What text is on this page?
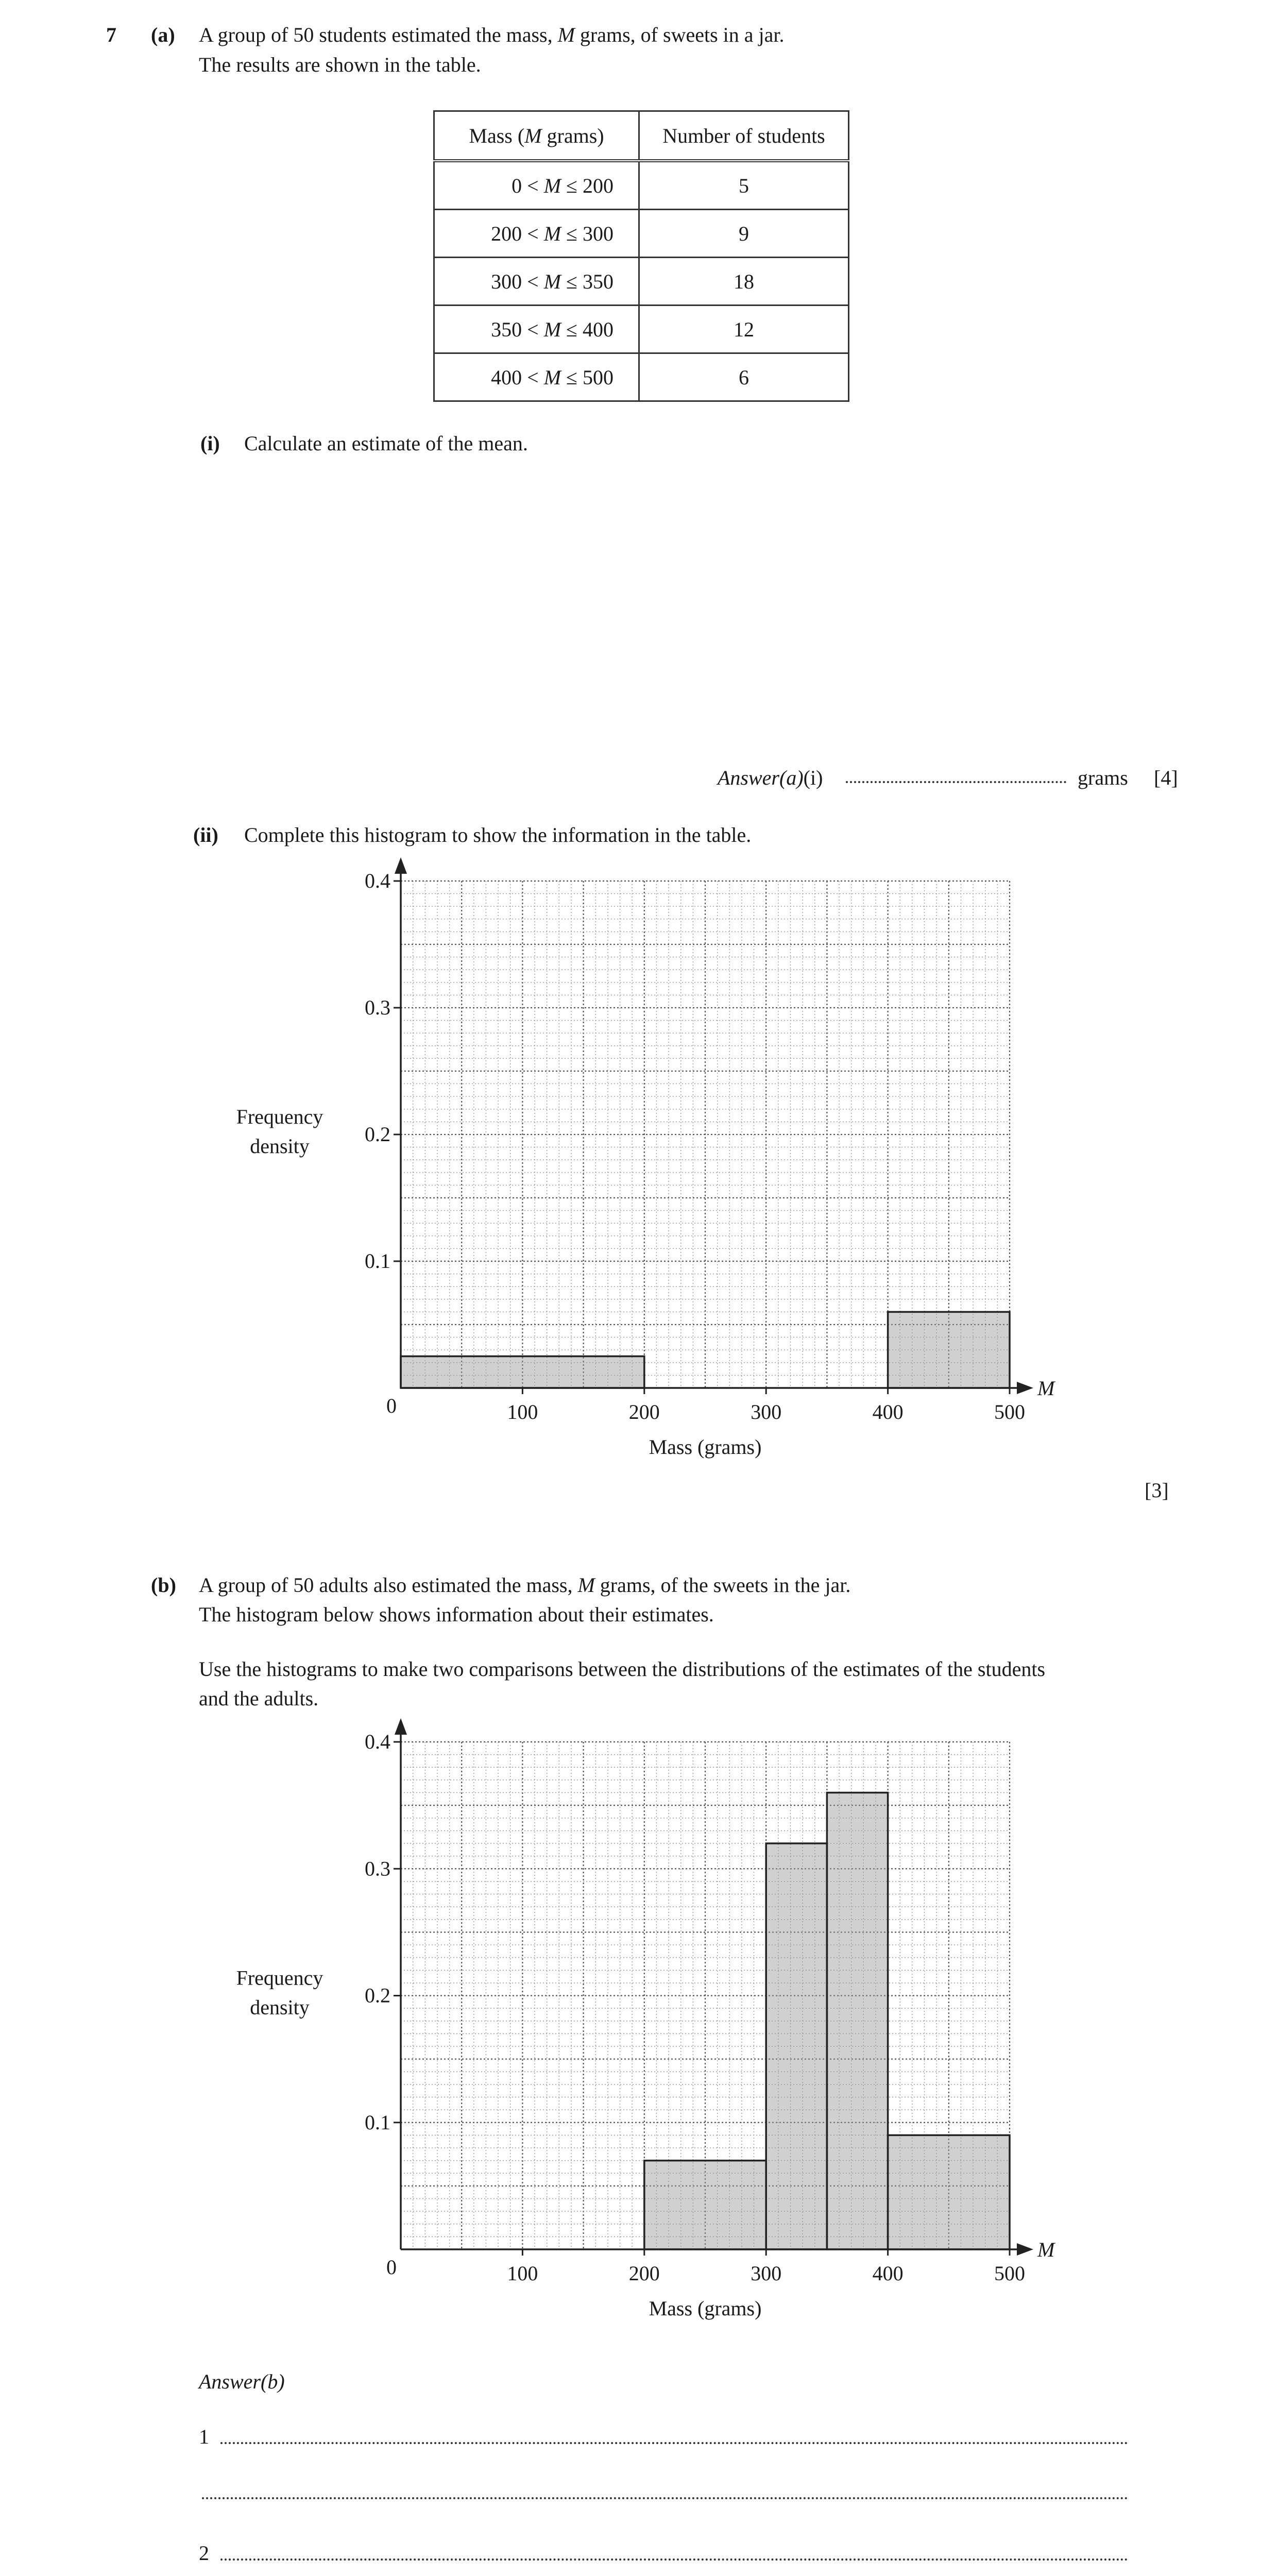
7 (a) A group of 50 students estimated the mass, M grams, of sweets in a jar.
The results are shown in the table.
Mass (M grams)	Number of students
0 < M ≤ 200	5
200 < M ≤ 300	9
300 < M ≤ 350	18
350 < M ≤ 400	12
400 < M ≤ 500	6
(i) Calculate an estimate of the mean.
Answer(a)(i)	grams [4]
(ii) Complete this histogram to show the information in the table.
M
0	100	200	300	400	500
0.1
0.2
0.3
0.4
Mass (grams)
Frequency density
[3]
(b) A group of 50 adults also estimated the mass, M grams, of the sweets in the jar.
The histogram below shows information about their estimates.
Use the histograms to make two comparisons between the distributions of the estimates of the students
and the adults.
M
0	100	200	300	400	500
0.1
0.2
0.3
0.4
Mass (grams)
Frequency density
Answer(b)
1
2
